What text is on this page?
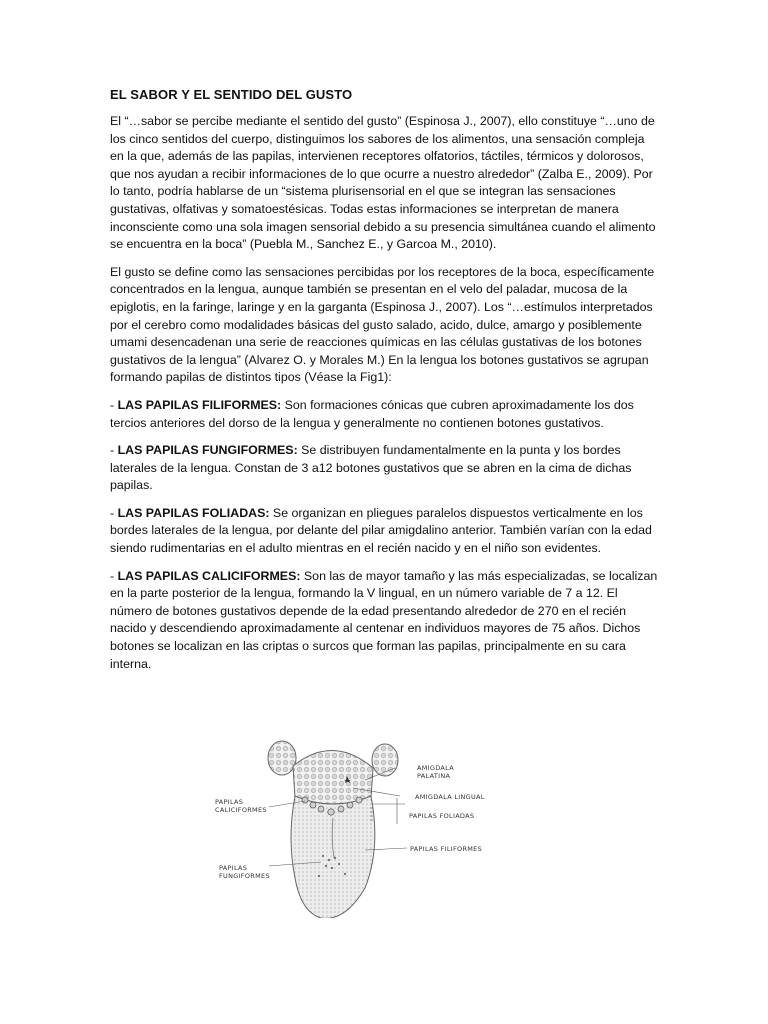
EL SABOR Y EL SENTIDO DEL GUSTO

El “…sabor se percibe mediante el sentido del gusto” (Espinosa J., 2007), ello constituye “…uno de los cinco sentidos del cuerpo, distinguimos los sabores de los alimentos, una sensación compleja en la que, además de las papilas, intervienen receptores olfatorios, táctiles, térmicos y dolorosos, que nos ayudan a recibir informaciones de lo que ocurre a nuestro alrededor” (Zalba E., 2009). Por lo tanto, podría hablarse de un “sistema plurisensorial en el que se integran las sensaciones gustativas, olfativas y somatoestésicas. Todas estas informaciones se interpretan de manera inconsciente como una sola imagen sensorial debido a su presencia simultánea cuando el alimento se encuentra en la boca” (Puebla M., Sanchez E., y Garcoa M., 2010).

El gusto se define como las sensaciones percibidas por los receptores de la boca, específicamente concentrados en la lengua, aunque también se presentan en el velo del paladar, mucosa de la epiglotis, en la faringe, laringe y en la garganta (Espinosa J., 2007). Los “…estímulos interpretados por el cerebro como modalidades básicas del gusto salado, acido, dulce, amargo y posiblemente umami desencadenan una serie de reacciones químicas en las células gustativas de los botones gustativos de la lengua” (Alvarez O. y Morales M.) En la lengua los botones gustativos se agrupan formando papilas de distintos tipos (Véase la Fig1):

- LAS PAPILAS FILIFORMES: Son formaciones cónicas que cubren aproximadamente los dos tercios anteriores del dorso de la lengua y generalmente no contienen botones gustativos.

- LAS PAPILAS FUNGIFORMES: Se distribuyen fundamentalmente en la punta y los bordes laterales de la lengua. Constan de 3 a12 botones gustativos que se abren en la cima de dichas papilas.

- LAS PAPILAS FOLIADAS: Se organizan en pliegues paralelos dispuestos verticalmente en los bordes laterales de la lengua, por delante del pilar amigdalino anterior. También varían con la edad siendo rudimentarias en el adulto mientras en el recién nacido y en el niño son evidentes.

- LAS PAPILAS CALICIFORMES: Son las de mayor tamaño y las más especializadas, se localizan en la parte posterior de la lengua, formando la V lingual, en un número variable de 7 a 12. El número de botones gustativos depende de la edad presentando alrededor de 270 en el recién nacido y descendiendo aproximadamente al centenar en individuos mayores de 75 años. Dichos botones se localizan en las criptas o surcos que forman las papilas, principalmente en su cara interna.

AMIGDALA
PALATINA
AMIGDALA LINGUAL
PAPILAS FOLIADAS
PAPILAS FILIFORMES
PAPILAS
CALICIFORMES
PAPILAS
FUNGIFORMES
